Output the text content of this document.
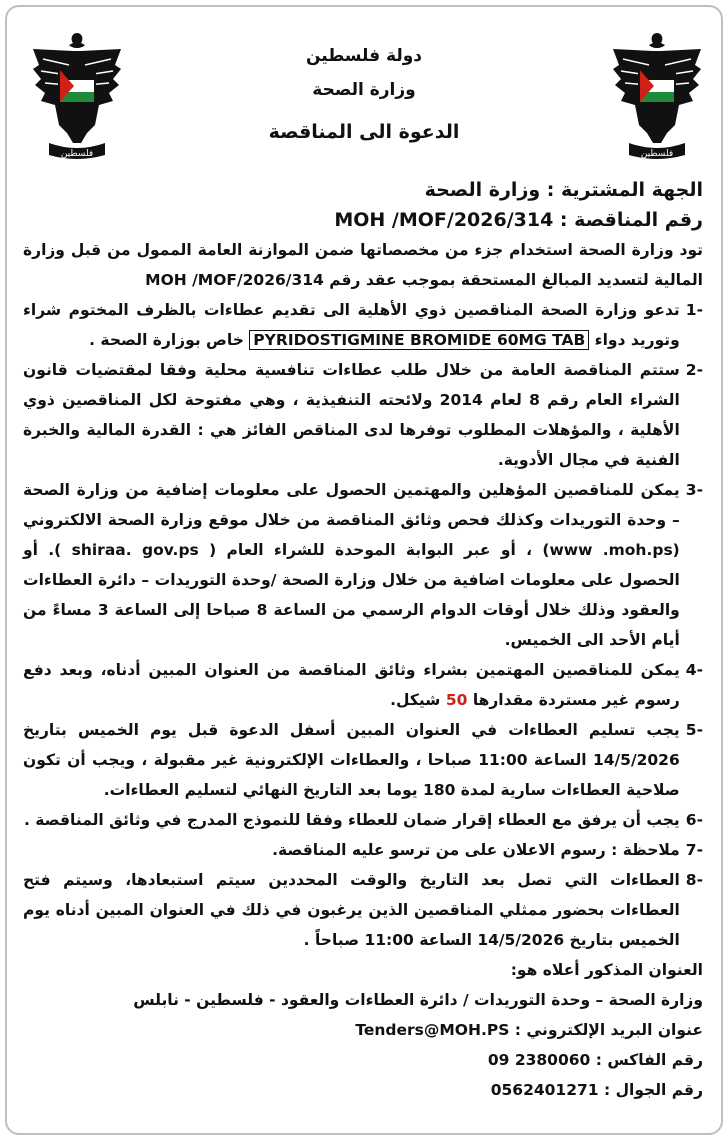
فلسطين	فلسطين
دولة فلسطين
وزارة الصحة
الدعوة الى المناقصة

الجهة المشترية : وزارة الصحة

رقم المناقصة : MOH /MOF/2026/314

تود وزارة الصحة استخدام جزء من مخصصاتها ضمن الموازنة العامة الممول من قبل وزارة المالية لتسديد المبالغ المستحقة بموجب عقد رقم MOH /MOF/2026/314

-1
تدعو وزارة الصحة المناقصين ذوي الأهلية الى تقديم عطاءات بالظرف المختوم شراء وتوريد دواء PYRIDOSTIGMINE BROMIDE 60MG TAB خاص بوزارة الصحة .
-2
ستتم المناقصة العامة من خلال طلب عطاءات تنافسية محلية وفقا لمقتضيات قانون الشراء العام رقم 8 لعام 2014 ولائحته التنفيذية ، وهي مفتوحة لكل المناقصين ذوي الأهلية ، والمؤهلات المطلوب توفرها لدى المناقص الفائز هي : القدرة المالية والخبرة الفنية في مجال الأدوية.
-3
يمكن للمناقصين المؤهلين والمهتمين الحصول على معلومات إضافية من وزارة الصحة – وحدة التوريدات وكذلك فحص وثائق المناقصة من خلال موقع وزارة الصحة الالكتروني (www .moh.ps) ، أو عبر البوابة الموحدة للشراء العام ( shiraa. gov.ps ). أو الحصول على معلومات اضافية من خلال وزارة الصحة /وحدة التوريدات – دائرة العطاءات والعقود وذلك خلال أوقات الدوام الرسمي من الساعة 8 صباحا إلى الساعة 3 مساءً من أيام الأحد الى الخميس.
-4
يمكن للمناقصين المهتمين بشراء وثائق المناقصة من العنوان المبين أدناه، وبعد دفع رسوم غير مستردة مقدارها 50 شيكل.
-5
يجب تسليم العطاءات في العنوان المبين أسفل الدعوة قبل يوم الخميس بتاريخ 14/5/2026 الساعة 11:00 صباحا ، والعطاءات الإلكترونية غير مقبولة ، ويجب أن تكون صلاحية العطاءات سارية لمدة 180 يوما بعد التاريخ النهائي لتسليم العطاءات.
-6
يجب أن يرفق مع العطاء إقرار ضمان للعطاء وفقا للنموذج المدرج في وثائق المناقصة .
-7
ملاحظة : رسوم الاعلان على من ترسو عليه المناقصة.
-8
العطاءات التي تصل بعد التاريخ والوقت المحددين سيتم استبعادها، وسيتم فتح العطاءات بحضور ممثلي المناقصين الذين يرغبون في ذلك في العنوان المبين أدناه يوم الخميس بتاريخ 14/5/2026 الساعة 11:00 صباحاً .

العنوان المذكور أعلاه هو:

وزارة الصحة – وحدة التوريدات / دائرة العطاءات والعقود - فلسطين - نابلس

عنوان البريد الإلكتروني : Tenders@MOH.PS

رقم الفاكس : 09 2380060

رقم الجوال : 0562401271
